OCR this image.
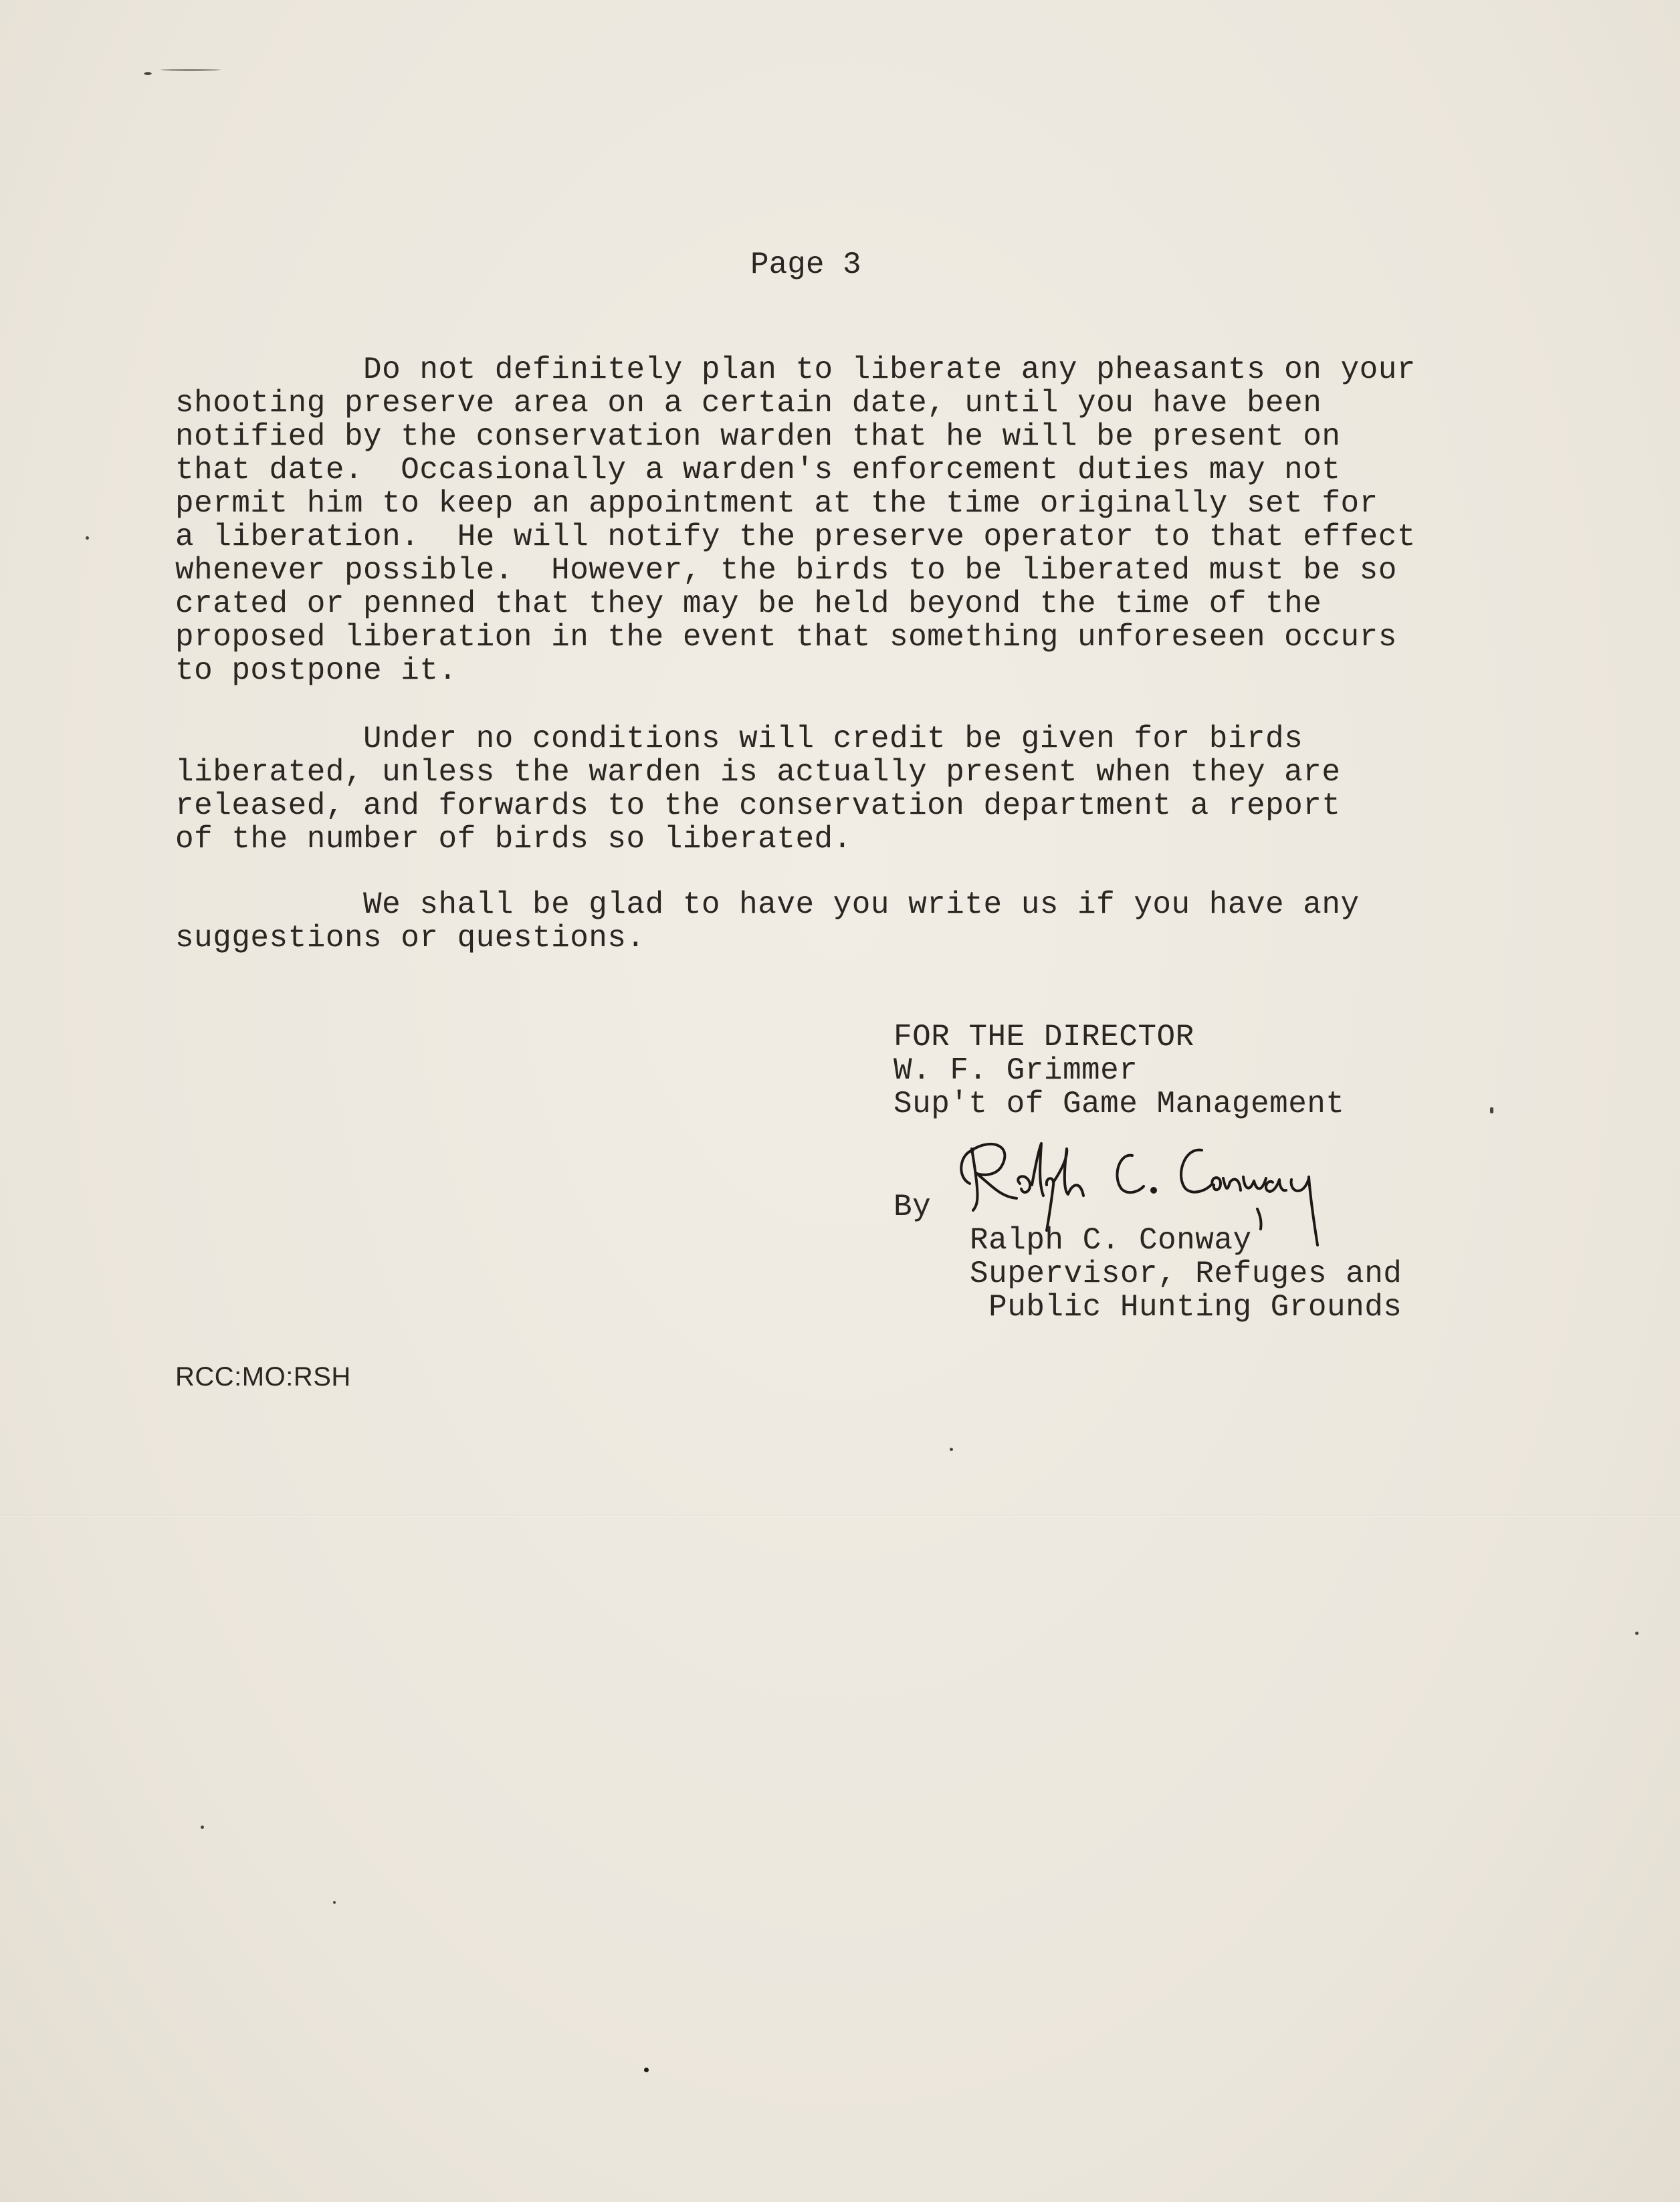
Page 3
Do not definitely plan to liberate any pheasants on your
shooting preserve area on a certain date, until you have been
notified by the conservation warden that he will be present on
that date.  Occasionally a warden's enforcement duties may not
permit him to keep an appointment at the time originally set for
a liberation.  He will notify the preserve operator to that effect
whenever possible.  However, the birds to be liberated must be so
crated or penned that they may be held beyond the time of the
proposed liberation in the event that something unforeseen occurs
to postpone it.
Under no conditions will credit be given for birds
liberated, unless the warden is actually present when they are
released, and forwards to the conservation department a report
of the number of birds so liberated.
We shall be glad to have you write us if you have any
suggestions or questions.
FOR THE DIRECTOR
W. F. Grimmer
Sup't of Game Management
By
Ralph C. Conway
Supervisor, Refuges and
Public Hunting Grounds
RCC:MO:RSH
